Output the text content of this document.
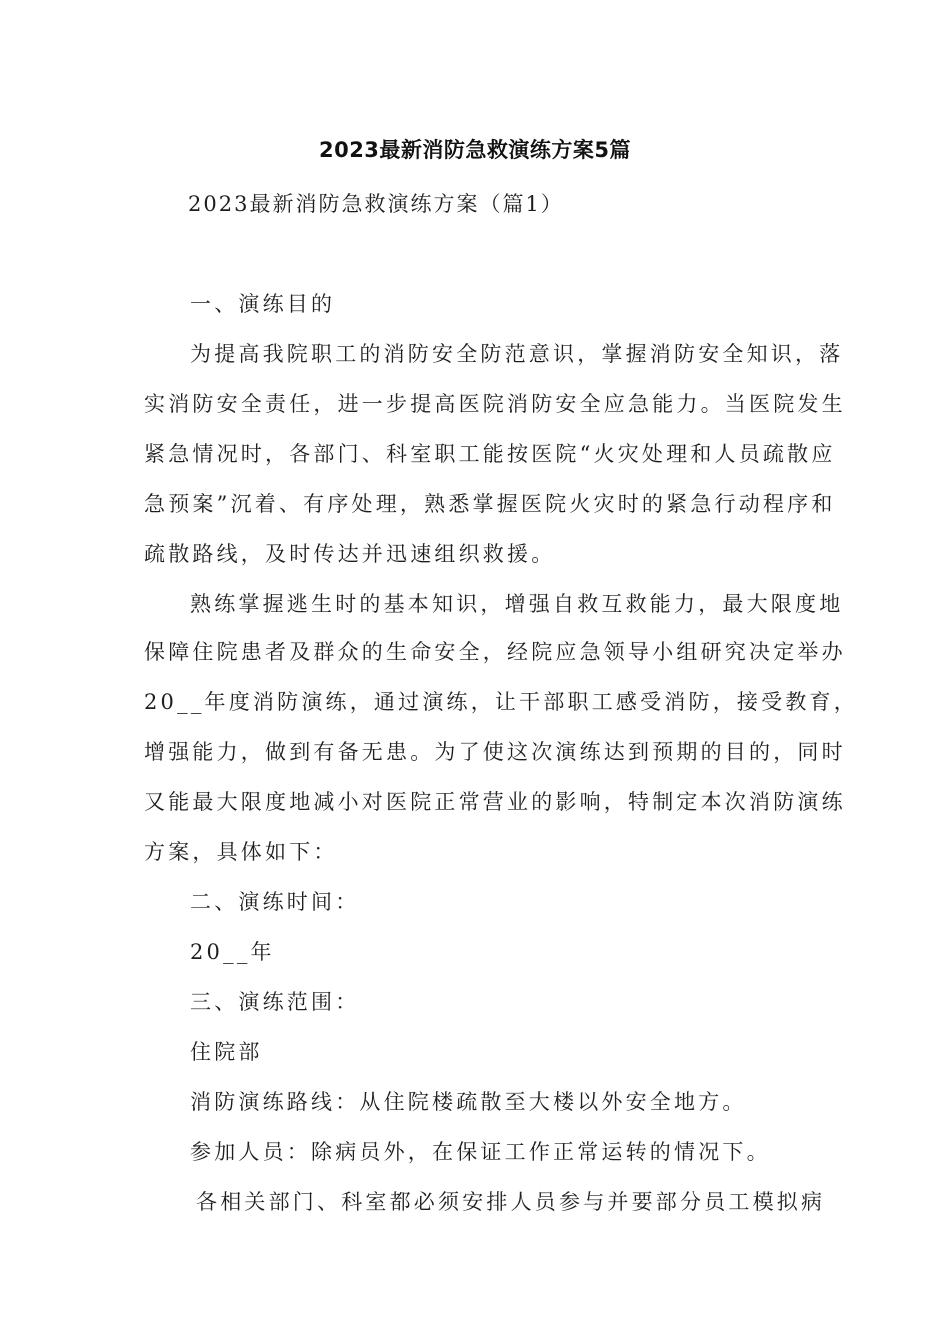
2023最新消防急救演练方案5篇
2023最新消防急救演练方案（篇1）
一、演练目的
为提高我院职工的消防安全防范意识，掌握消防安全知识，落
实消防安全责任，进一步提高医院消防安全应急能力。当医院发生
紧急情况时，各部门、科室职工能按医院“火灾处理和人员疏散应
急预案”沉着、有序处理，熟悉掌握医院火灾时的紧急行动程序和
疏散路线，及时传达并迅速组织救援。
熟练掌握逃生时的基本知识，增强自救互救能力，最大限度地
保障住院患者及群众的生命安全，经院应急领导小组研究决定举办
20__年度消防演练，通过演练，让干部职工感受消防，接受教育，
增强能力，做到有备无患。为了使这次演练达到预期的目的，同时
又能最大限度地减小对医院正常营业的影响，特制定本次消防演练
方案，具体如下：
二、演练时间：
20__年
三、演练范围：
住院部
消防演练路线：从住院楼疏散至大楼以外安全地方。
参加人员：除病员外，在保证工作正常运转的情况下。
各相关部门、科室都必须安排人员参与并要部分员工模拟病
